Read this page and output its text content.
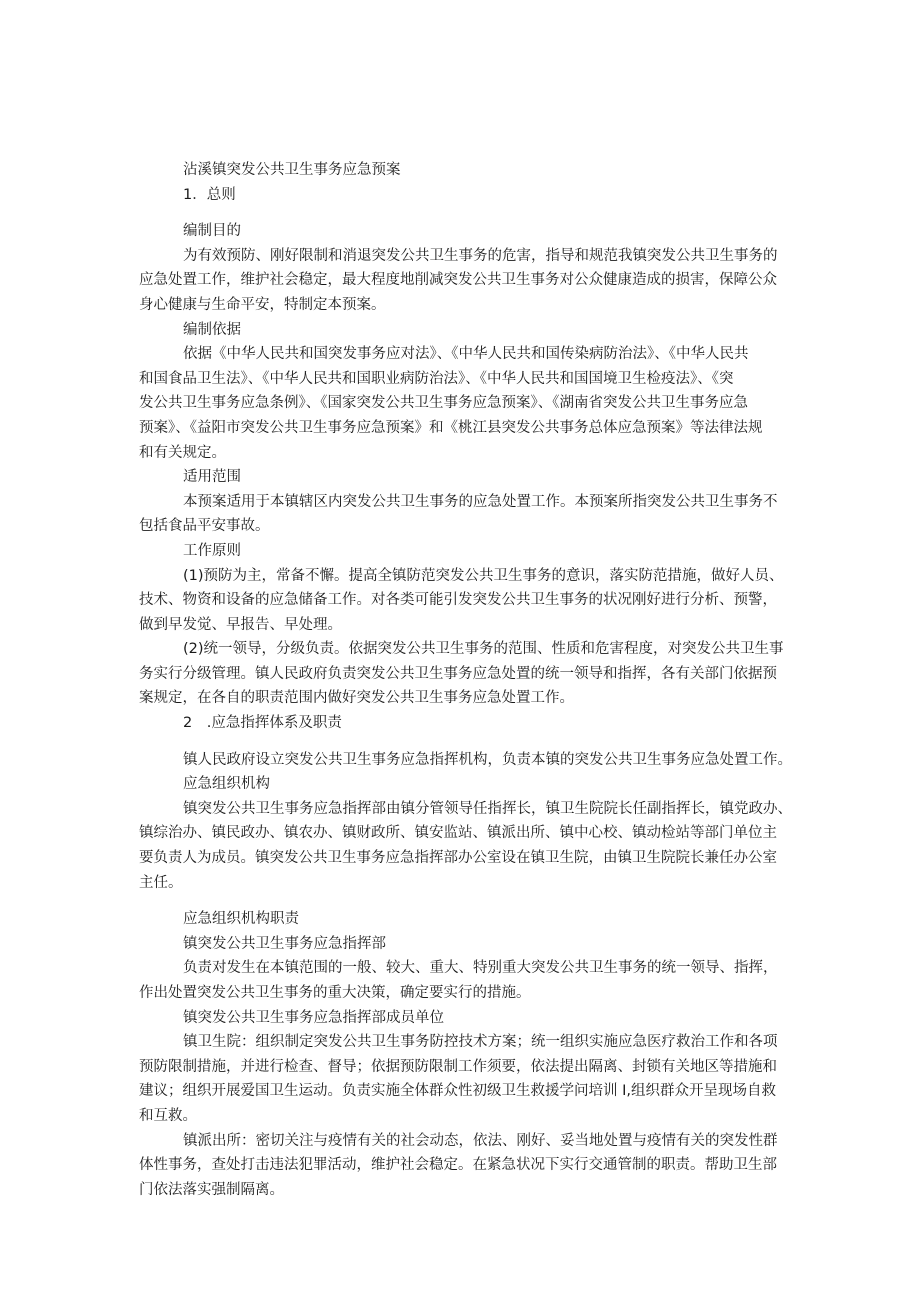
沾溪镇突发公共卫生事务应急预案
1．总则
编制目的
为有效预防、刚好限制和消退突发公共卫生事务的危害，指导和规范我镇突发公共卫生事务的
应急处置工作，维护社会稳定，最大程度地削减突发公共卫生事务对公众健康造成的损害，保障公众
身心健康与生命平安，特制定本预案。
编制依据
依据《中华人民共和国突发事务应对法》、《中华人民共和国传染病防治法》、《中华人民共
和国食品卫生法》、《中华人民共和国职业病防治法》、《中华人民共和国国境卫生检疫法》、《突
发公共卫生事务应急条例》、《国家突发公共卫生事务应急预案》、《湖南省突发公共卫生事务应急
预案》、《益阳市突发公共卫生事务应急预案》和《桃江县突发公共事务总体应急预案》等法律法规
和有关规定。
适用范围
本预案适用于本镇辖区内突发公共卫生事务的应急处置工作。本预案所指突发公共卫生事务不
包括食品平安事故。
工作原则
(1)预防为主，常备不懈。提高全镇防范突发公共卫生事务的意识，落实防范措施，做好人员、
技术、物资和设备的应急储备工作。对各类可能引发突发公共卫生事务的状况刚好进行分析、预警，
做到早发觉、早报告、早处理。
(2)统一领导，分级负责。依据突发公共卫生事务的范围、性质和危害程度，对突发公共卫生事
务实行分级管理。镇人民政府负责突发公共卫生事务应急处置的统一领导和指挥，各有关部门依据预
案规定，在各自的职责范围内做好突发公共卫生事务应急处置工作。
2　.应急指挥体系及职责
镇人民政府设立突发公共卫生事务应急指挥机构，负责本镇的突发公共卫生事务应急处置工作。
应急组织机构
镇突发公共卫生事务应急指挥部由镇分管领导任指挥长，镇卫生院院长任副指挥长，镇党政办、
镇综治办、镇民政办、镇农办、镇财政所、镇安监站、镇派出所、镇中心校、镇动检站等部门单位主
要负责人为成员。镇突发公共卫生事务应急指挥部办公室设在镇卫生院，由镇卫生院院长兼任办公室
主任。
应急组织机构职责
镇突发公共卫生事务应急指挥部
负责对发生在本镇范围的一般、较大、重大、特别重大突发公共卫生事务的统一领导、指挥，
作出处置突发公共卫生事务的重大决策，确定要实行的措施。
镇突发公共卫生事务应急指挥部成员单位
镇卫生院：组织制定突发公共卫生事务防控技术方案；统一组织实施应急医疗救治工作和各项
预防限制措施，并进行检查、督导；依据预防限制工作须要，依法提出隔离、封锁有关地区等措施和
建议；组织开展爱国卫生运动。负责实施全体群众性初级卫生救援学问培训 I,组织群众开呈现场自救
和互救。
镇派出所：密切关注与疫情有关的社会动态，依法、刚好、妥当地处置与疫情有关的突发性群
体性事务，查处打击违法犯罪活动，维护社会稳定。在紧急状况下实行交通管制的职责。帮助卫生部
门依法落实强制隔离。
